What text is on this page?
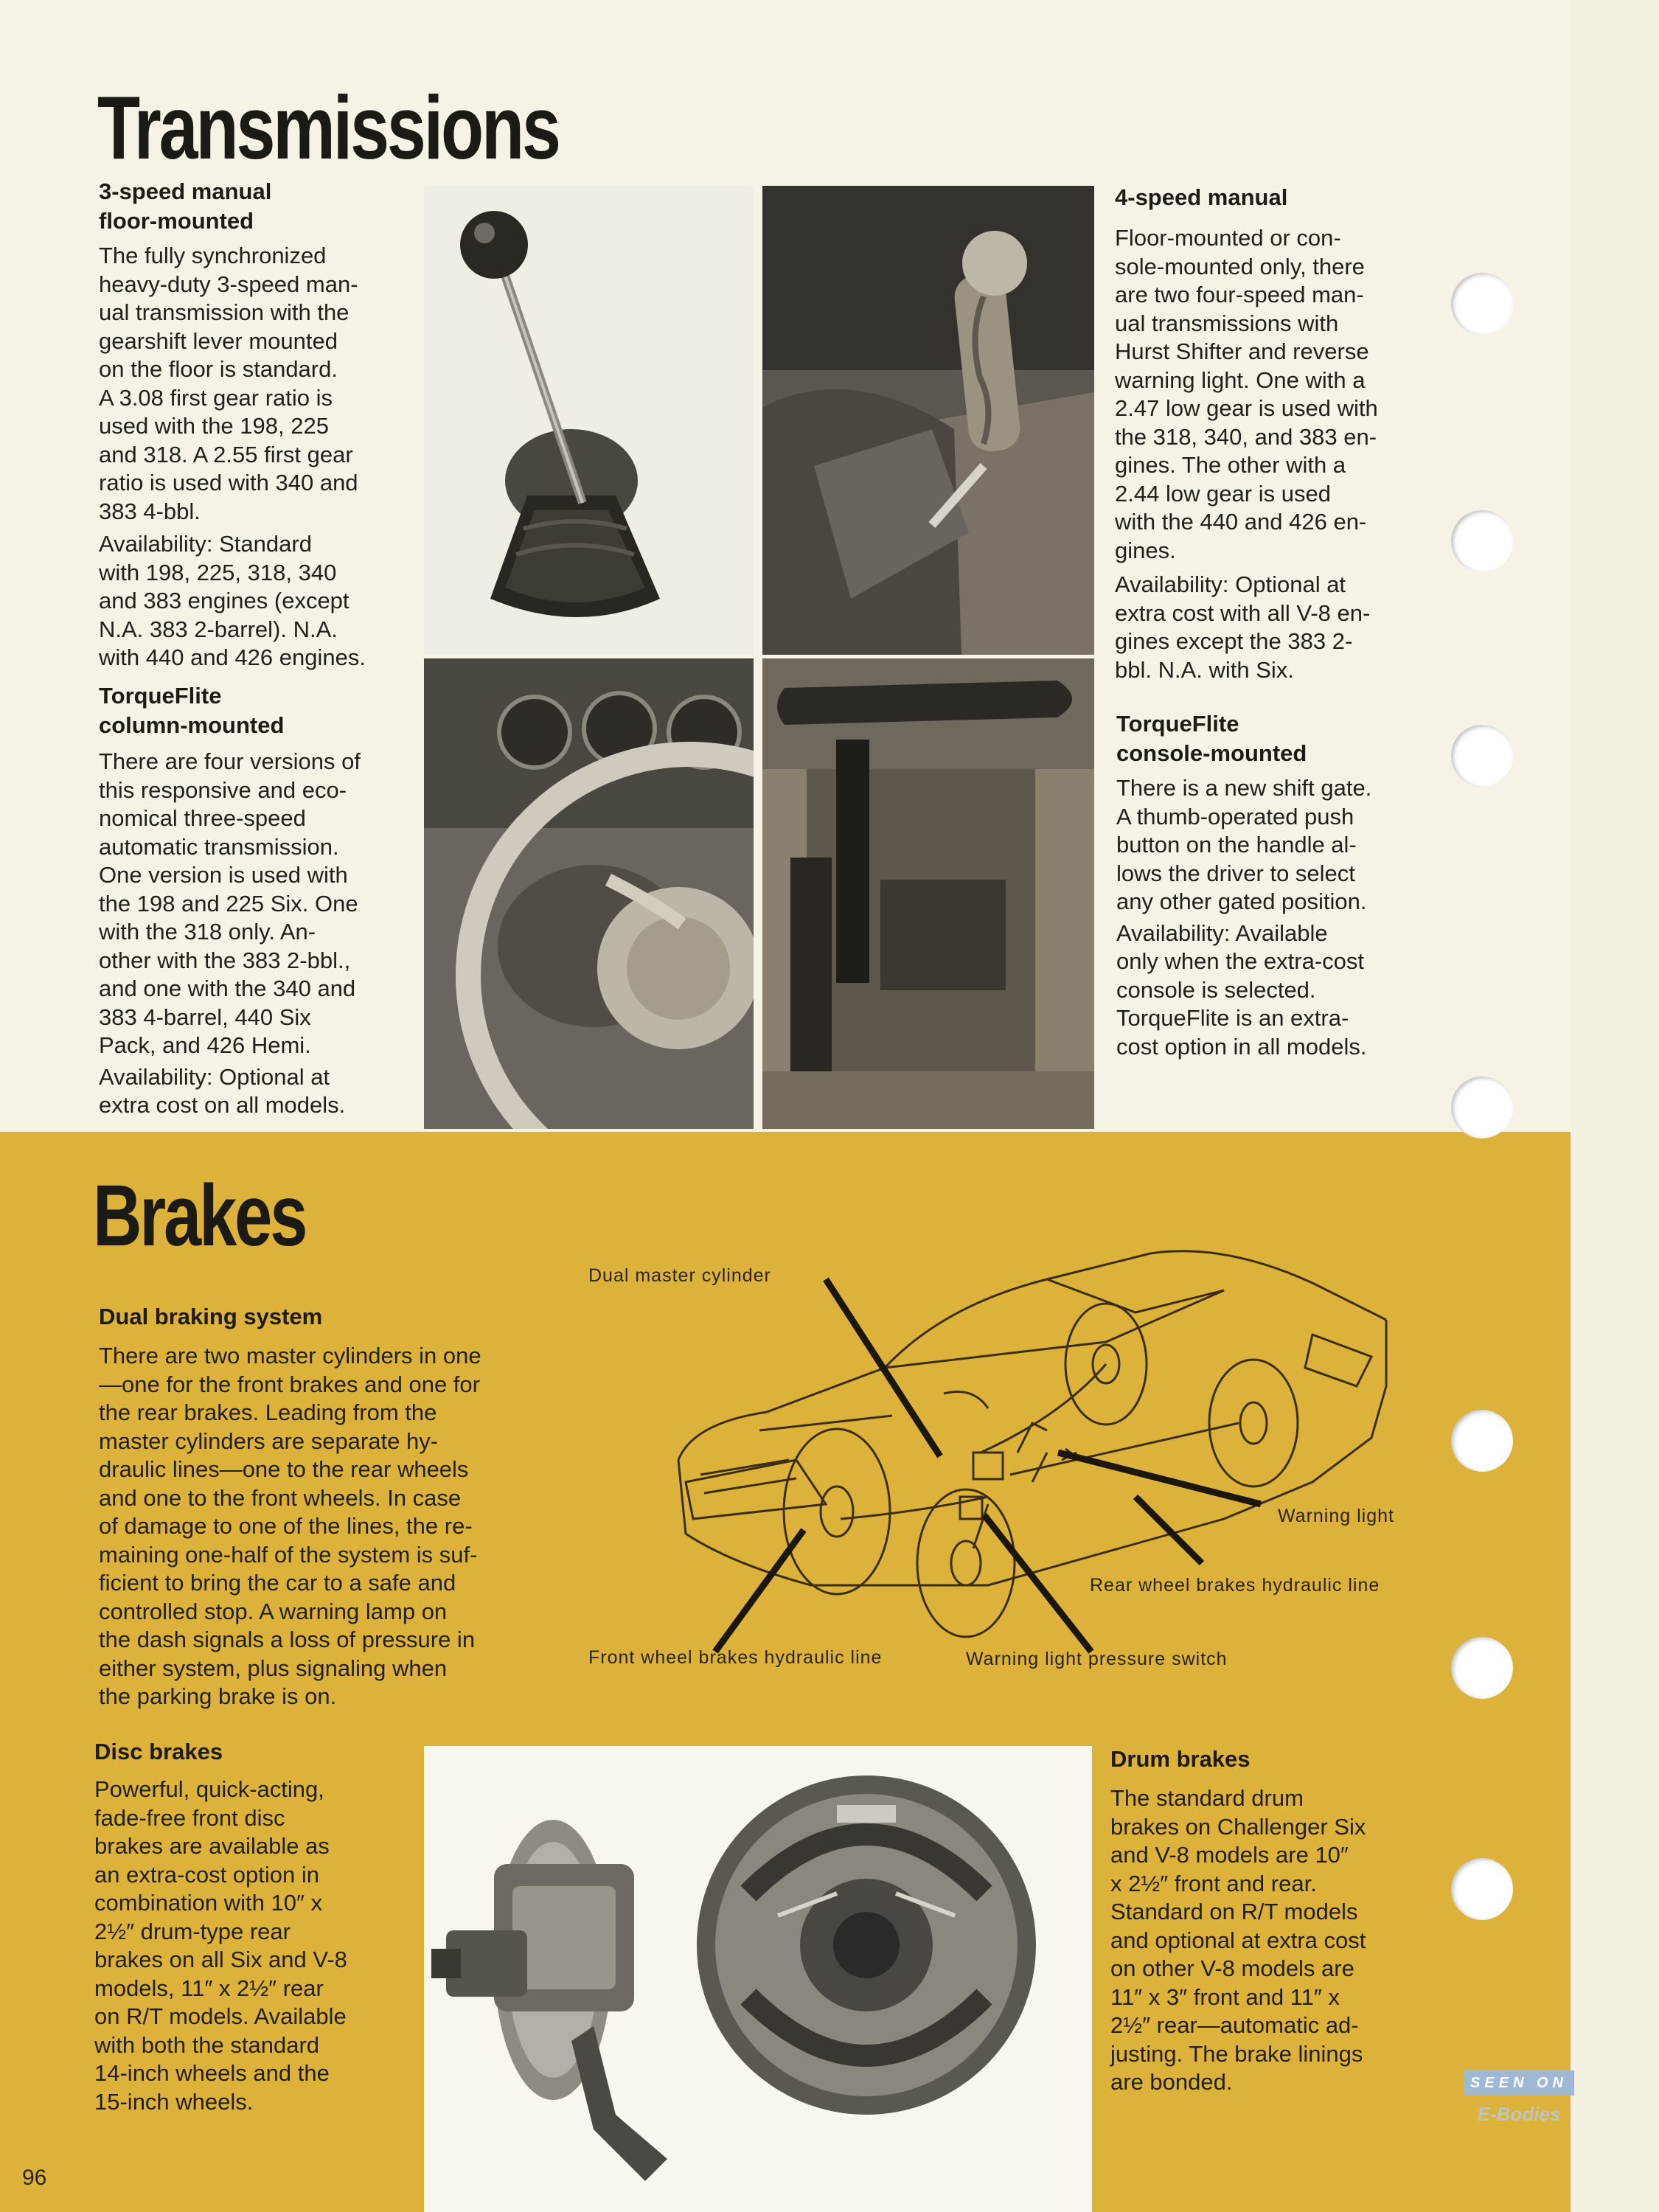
Transmissions
3-speed manual
floor-mounted
The fully synchronized
heavy-duty 3-speed man-
ual transmission with the
gearshift lever mounted
on the floor is standard.
A 3.08 first gear ratio is
used with the 198, 225
and 318. A 2.55 first gear
ratio is used with 340 and
383 4-bbl.
Availability: Standard
with 198, 225, 318, 340
and 383 engines (except
N.A. 383 2-barrel). N.A.
with 440 and 426 engines.
TorqueFlite
column-mounted
There are four versions of
this responsive and eco-
nomical three-speed
automatic transmission.
One version is used with
the 198 and 225 Six. One
with the 318 only. An-
other with the 383 2-bbl.,
and one with the 340 and
383 4-barrel, 440 Six
Pack, and 426 Hemi.
Availability: Optional at
extra cost on all models.
4-speed manual
Floor-mounted or con-
sole-mounted only, there
are two four-speed man-
ual transmissions with
Hurst Shifter and reverse
warning light. One with a
2.47 low gear is used with
the 318, 340, and 383 en-
gines. The other with a
2.44 low gear is used
with the 440 and 426 en-
gines.
Availability: Optional at
extra cost with all V-8 en-
gines except the 383 2-
bbl. N.A. with Six.
TorqueFlite
console-mounted
There is a new shift gate.
A thumb-operated push
button on the handle al-
lows the driver to select
any other gated position.
Availability: Available
only when the extra-cost
console is selected.
TorqueFlite is an extra-
cost option in all models.
Brakes
Dual braking system
There are two master cylinders in one
—one for the front brakes and one for
the rear brakes. Leading from the
master cylinders are separate hy-
draulic lines—one to the rear wheels
and one to the front wheels. In case
of damage to one of the lines, the re-
maining one-half of the system is suf-
ficient to bring the car to a safe and
controlled stop. A warning lamp on
the dash signals a loss of pressure in
either system, plus signaling when
the parking brake is on.
Dual master cylinder
Warning light
Rear wheel brakes hydraulic line
Front wheel brakes hydraulic line	Warning light pressure switch
Disc brakes
Powerful, quick-acting,
fade-free front disc
brakes are available as
an extra-cost option in
combination with 10″ x
2½″ drum-type rear
brakes on all Six and V-8
models, 11″ x 2½″ rear
on R/T models. Available
with both the standard
14-inch wheels and the
15-inch wheels.
Drum brakes
The standard drum
brakes on Challenger Six
and V-8 models are 10″
x 2½″ front and rear.
Standard on R/T models
and optional at extra cost
on other V-8 models are
11″ x 3″ front and 11″ x
2½″ rear—automatic ad-
justing. The brake linings
are bonded.
96
SEEN ON
E-Bodies
